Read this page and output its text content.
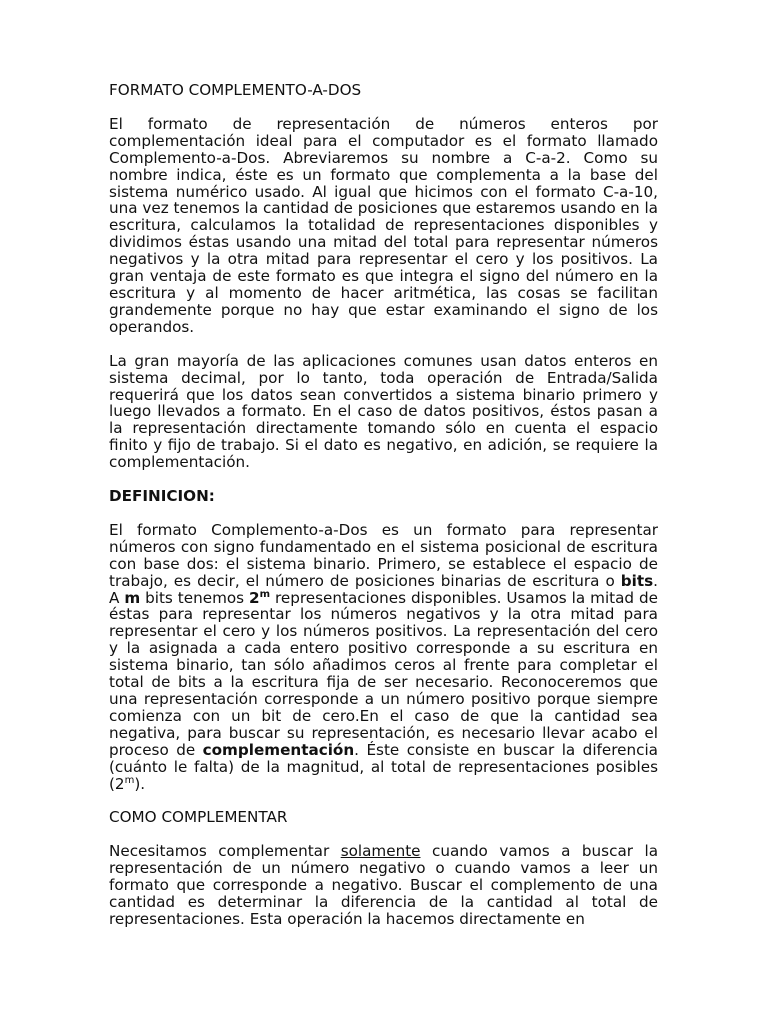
FORMATO COMPLEMENTO-A-DOS

El formato de representación de números enteros por complementación ideal para el computador es el formato llamado Complemento-a-Dos. Abreviaremos su nombre a C-a-2. Como su nombre indica, éste es un formato que complementa a la base del sistema numérico usado. Al igual que hicimos con el formato C-a-10, una vez tenemos la cantidad de posiciones que estaremos usando en la escritura, calculamos la totalidad de representaciones disponibles y dividimos éstas usando una mitad del total para representar números negativos y la otra mitad para representar el cero y los positivos. La gran ventaja de este formato es que integra el signo del número en la escritura y al momento de hacer aritmética, las cosas se facilitan grandemente porque no hay que estar examinando el signo de los operandos.

La gran mayoría de las aplicaciones comunes usan datos enteros en sistema decimal, por lo tanto, toda operación de Entrada/Salida requerirá que los datos sean convertidos a sistema binario primero y luego llevados a formato. En el caso de datos positivos, éstos pasan a la representación directamente tomando sólo en cuenta el espacio finito y fijo de trabajo. Si el dato es negativo, en adición, se requiere la complementación.

DEFINICION:

El formato Complemento-a-Dos es un formato para representar números con signo fundamentado en el sistema posicional de escritura con base dos: el sistema binario. Primero, se establece el espacio de trabajo, es decir, el número de posiciones binarias de escritura o bits. A m bits tenemos 2$^m$ representaciones disponibles. Usamos la mitad de éstas para representar los números negativos y la otra mitad para representar el cero y los números positivos. La representación del cero y la asignada a cada entero positivo corresponde a su escritura en sistema binario, tan sólo añadimos ceros al frente para completar el total de bits a la escritura fija de ser necesario. Reconoceremos que una representación corresponde a un número positivo porque siempre comienza con un bit de cero.En el caso de que la cantidad sea negativa, para buscar su representación, es necesario llevar acabo el proceso de complementación. Éste consiste en buscar la diferencia (cuánto le falta) de la magnitud, al total de representaciones posibles (2$^m$).

COMO COMPLEMENTAR

Necesitamos complementar solamente cuando vamos a buscar la representación de un número negativo o cuando vamos a leer un formato que corresponde a negativo. Buscar el complemento de una cantidad es determinar la diferencia de la cantidad al total de representaciones. Esta operación la hacemos directamente en
